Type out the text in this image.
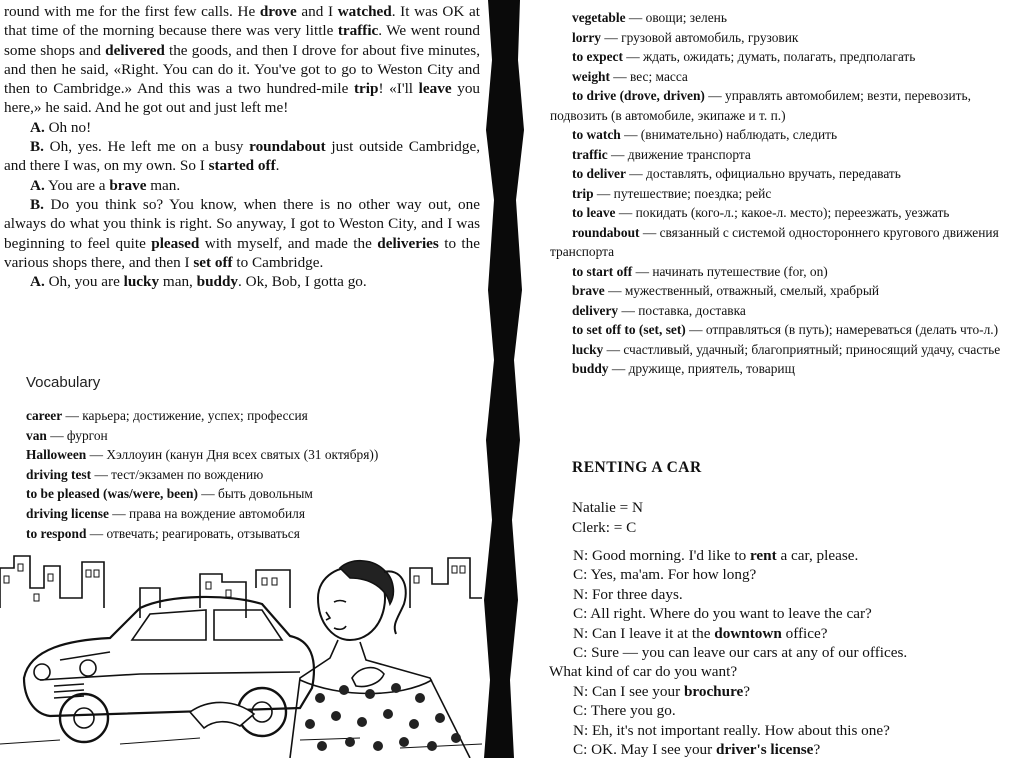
round with me for the first few calls. He drove and I watched. It was OK at that time of the morning because there was very little traffic. We went round some shops and delivered the goods, and then I drove for about five minutes, and then he said, «Right. You can do it. You've got to go to Weston City and then to Cambridge.» And this was a two hundred-mile trip! «I'll leave you here,» he said. And he got out and just left me!

A. Oh no!

B. Oh, yes. He left me on a busy roundabout just outside Cambridge, and there I was, on my own. So I started off.

A. You are a brave man.

B. Do you think so? You know, when there is no other way out, one always do what you think is right. So anyway, I got to Weston City, and I was beginning to feel quite pleased with myself, and made the deliveries to the various shops there, and then I set off to Cambridge.

A. Oh, you are lucky man, buddy. Ok, Bob, I gotta go.

Vocabulary
career — карьера; достижение, успех; профессия
van — фургон
Halloween — Хэллоуин (канун Дня всех святых (31 октября))
driving test — тест/экзамен по вождению
to be pleased (was/were, been) — быть довольным
driving license — права на вождение автомобиля
to respond — отвечать; реагировать, отзываться
vegetable — овощи; зелень
lorry — грузовой автомобиль, грузовик
to expect — ждать, ожидать; думать, полагать, предполагать
weight — вес; масса
to drive (drove, driven) — управлять автомобилем; везти, перевозить, подвозить (в автомобиле, экипаже и т. п.)
to watch — (внимательно) наблюдать, следить
traffic — движение транспорта
to deliver — доставлять, официально вручать, передавать
trip — путешествие; поездка; рейс
to leave — покидать (кого-л.; какое-л. место); переезжать, уезжать
roundabout — связанный с системой одностороннего кругового движения транспорта
to start off — начинать путешествие (for, on)
brave — мужественный, отважный, смелый, храбрый
delivery — поставка, доставка
to set off to (set, set) — отправляться (в путь); намереваться (делать что-л.)
lucky — счастливый, удачный; благоприятный; приносящий удачу, счастье
buddy — дружище, приятель, товарищ
RENTING A CAR
Natalie = N
Clerk: = C
N: Good morning. I'd like to rent a car, please.
C: Yes, ma'am. For how long?
N: For three days.
C: All right. Where do you want to leave the car?
N: Can I leave it at the downtown office?
C: Sure — you can leave our cars at any of our offices.
What kind of car do you want?
N: Can I see your brochure?
C: There you go.
N: Eh, it's not important really. How about this one?
C: OK. May I see your driver's license?
